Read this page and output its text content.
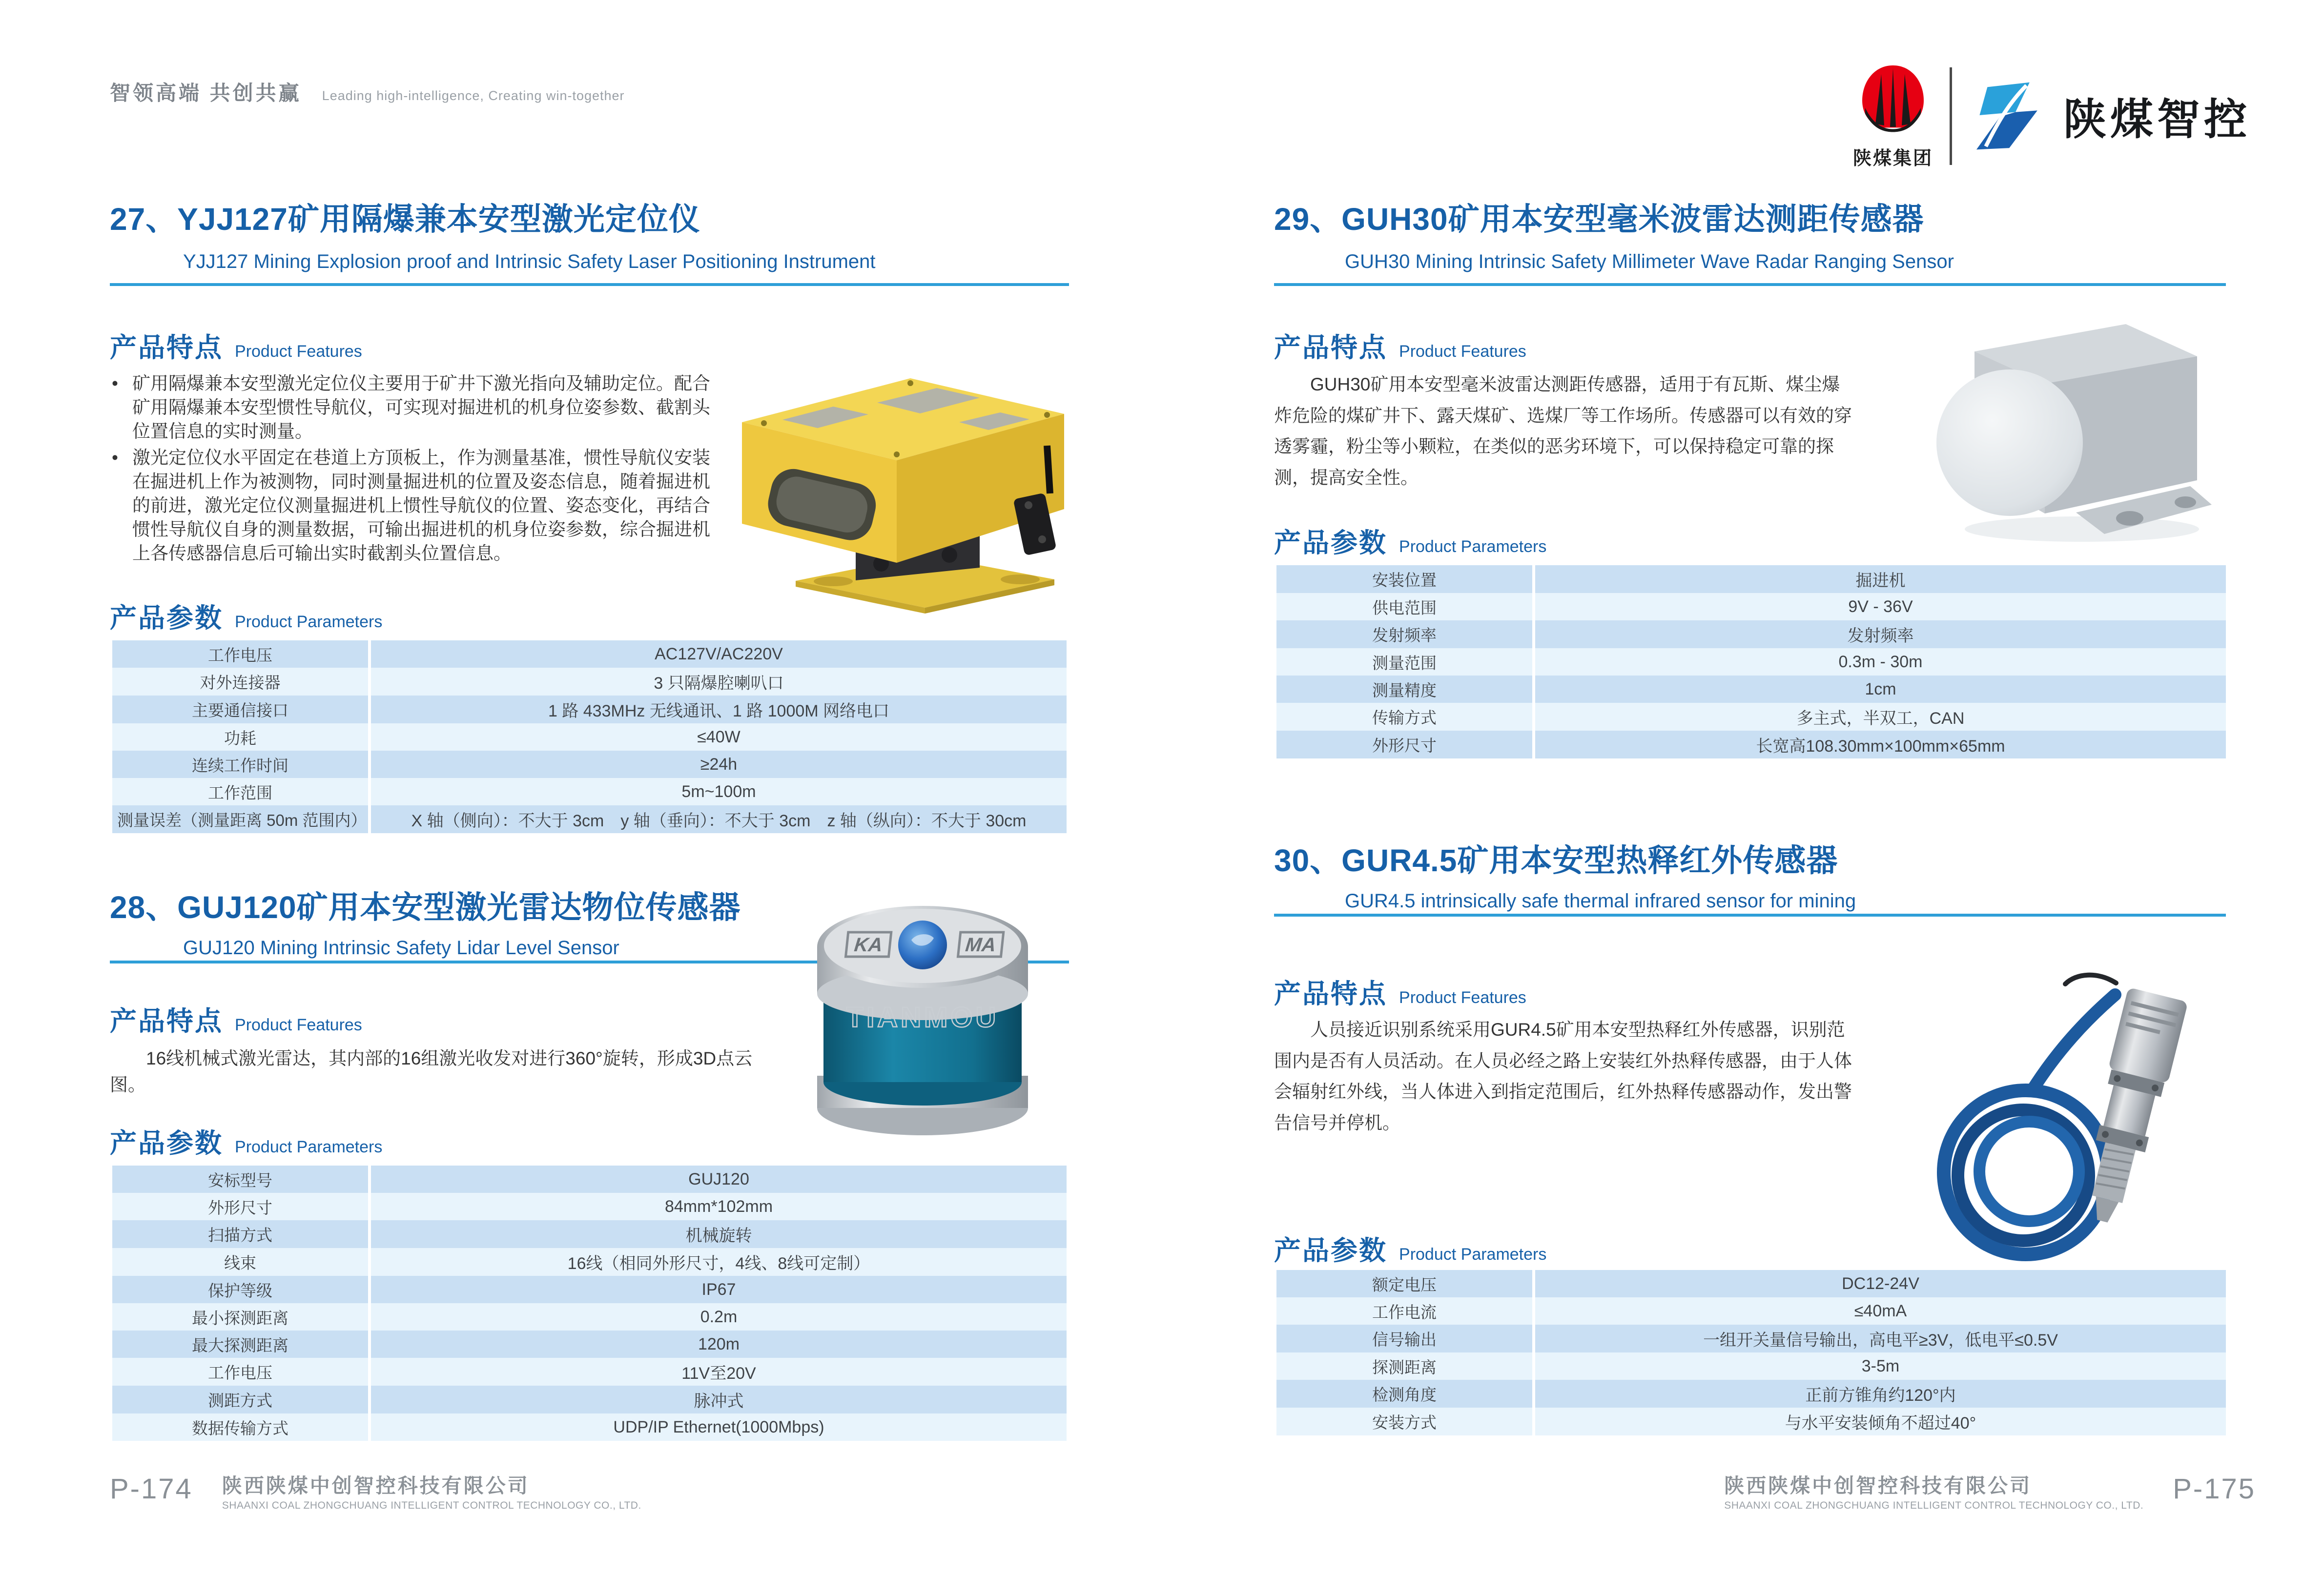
智领高端 共创共赢 Leading high-intelligence, Creating win-together
陕煤集团
陕煤智控
27、YJJ127矿用隔爆兼本安型激光定位仪
YJJ127 Mining Explosion proof and Intrinsic Safety Laser Positioning Instrument
产品特点 Product Features
• 矿用隔爆兼本安型激光定位仪主要用于矿井下激光指向及辅助定位。配合矿用隔爆兼本安型惯性导航仪，可实现对掘进机的机身位姿参数、截割头位置信息的实时测量。
• 激光定位仪水平固定在巷道上方顶板上，作为测量基准，惯性导航仪安装在掘进机上作为被测物，同时测量掘进机的位置及姿态信息，随着掘进机的前进，激光定位仪测量掘进机上惯性导航仪的位置、姿态变化，再结合惯性导航仪自身的测量数据，可输出掘进机的机身位姿参数，综合掘进机上各传感器信息后可输出实时截割头位置信息。
产品参数 Product Parameters
工作电压	AC127V/AC220V
对外连接器	3 只隔爆腔喇叭口
主要通信接口	1 路 433MHz 无线通讯、1 路 1000M 网络电口
功耗	≤40W
连续工作时间	≥24h
工作范围	5m~100m
测量误差（测量距离 50m 范围内）	X 轴（侧向）：不大于 3cm　y 轴（垂向）：不大于 3cm　z 轴（纵向）：不大于 30cm
28、GUJ120矿用本安型激光雷达物位传感器
GUJ120 Mining Intrinsic Safety Lidar Level Sensor	KA	MA
TIANMOU
产品特点 Product Features
16线机械式激光雷达，其内部的16组激光收发对进行360°旋转，形成3D点云图。
产品参数 Product Parameters
安标型号	GUJ120
外形尺寸	84mm*102mm
扫描方式	机械旋转
线束	16线（相同外形尺寸，4线、8线可定制）
保护等级	IP67
最小探测距离	0.2m
最大探测距离	120m
工作电压	11V至20V
测距方式	脉冲式
数据传输方式	UDP/IP Ethernet(1000Mbps)
29、GUH30矿用本安型毫米波雷达测距传感器
GUH30 Mining Intrinsic Safety Millimeter Wave Radar Ranging Sensor
产品特点 Product Features
GUH30矿用本安型毫米波雷达测距传感器，适用于有瓦斯、煤尘爆炸危险的煤矿井下、露天煤矿、选煤厂等工作场所。传感器可以有效的穿透雾霾，粉尘等小颗粒，在类似的恶劣环境下，可以保持稳定可靠的探测，提高安全性。
产品参数 Product Parameters
安装位置	掘进机
供电范围	9V - 36V
发射频率	发射频率
测量范围	0.3m - 30m
测量精度	1cm
传输方式	多主式，半双工，CAN
外形尺寸	长宽高108.30mm×100mm×65mm
30、GUR4.5矿用本安型热释红外传感器
GUR4.5 intrinsically safe thermal infrared sensor for mining
产品特点 Product Features
人员接近识别系统采用GUR4.5矿用本安型热释红外传感器，识别范围内是否有人员活动。在人员必经之路上安装红外热释传感器，由于人体会辐射红外线，当人体进入到指定范围后，红外热释传感器动作，发出警告信号并停机。
产品参数 Product Parameters
额定电压	DC12-24V
工作电流	≤40mA
信号输出	一组开关量信号输出，高电平≥3V，低电平≤0.5V
探测距离	3-5m
检测角度	正前方锥角约120°内
安装方式	与水平安装倾角不超过40°
P-174 陕西陕煤中创智控科技有限公司
SHAANXI COAL ZHONGCHUANG INTELLIGENT CONTROL TECHNOLOGY CO., LTD.
陕西陕煤中创智控科技有限公司
SHAANXI COAL ZHONGCHUANG INTELLIGENT CONTROL TECHNOLOGY CO., LTD.
P-175
